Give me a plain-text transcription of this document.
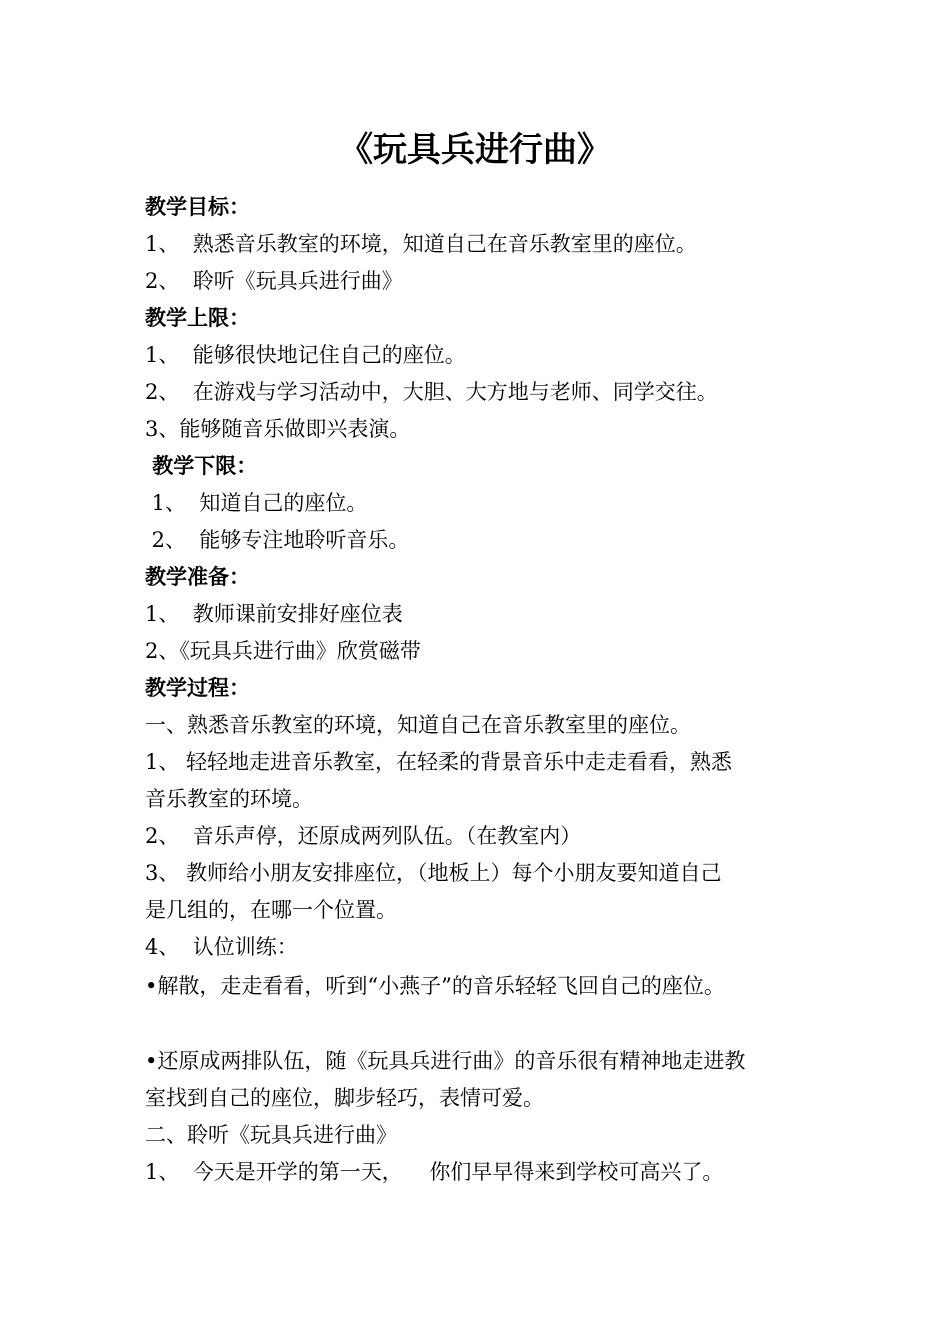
《玩具兵进行曲》
教学目标：
1、  熟悉音乐教室的环境，知道自己在音乐教室里的座位。
2、  聆听《玩具兵进行曲》
教学上限：
1、  能够很快地记住自己的座位。
2、  在游戏与学习活动中，大胆、大方地与老师、同学交往。
3、能够随音乐做即兴表演。
教学下限：
1、  知道自己的座位。
2、  能够专注地聆听音乐。
教学准备：
1、  教师课前安排好座位表
2、《玩具兵进行曲》欣赏磁带
教学过程：
一、熟悉音乐教室的环境，知道自己在音乐教室里的座位。
1、 轻轻地走进音乐教室，在轻柔的背景音乐中走走看看，熟悉
音乐教室的环境。
2、  音乐声停，还原成两列队伍。（在教室内）
3、 教师给小朋友安排座位，（地板上）每个小朋友要知道自己
是几组的，在哪一个位置。
4、  认位训练：
•解散，走走看看，听到“小燕子”的音乐轻轻飞回自己的座位。
•还原成两排队伍，随《玩具兵进行曲》的音乐很有精神地走进教
室找到自己的座位，脚步轻巧，表情可爱。
二、聆听《玩具兵进行曲》
1、  今天是开学的第一天，    你们早早得来到学校可高兴了。
